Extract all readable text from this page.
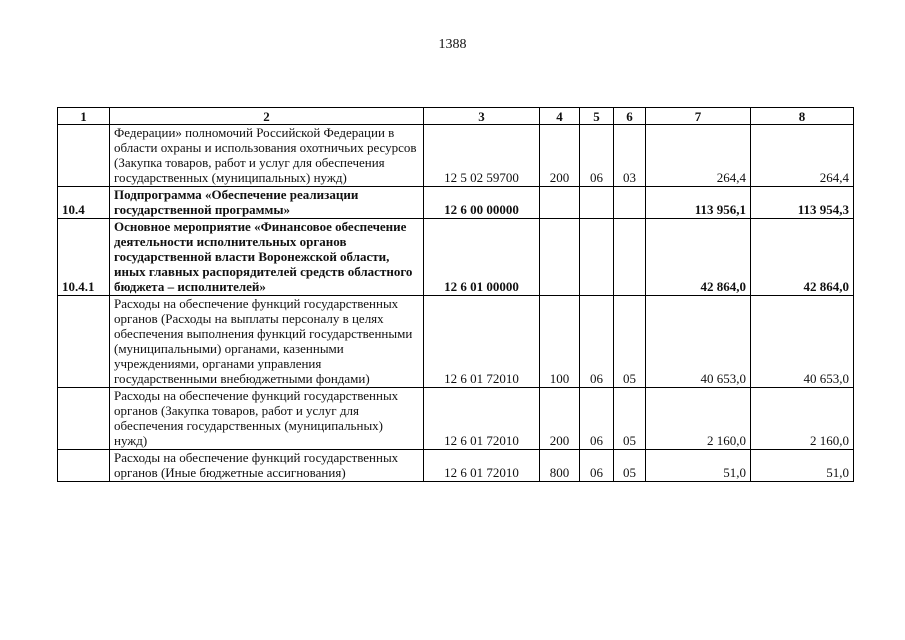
1388
1	2	3	4	5	6	7	8
	Федерации» полномочий Российской Федерации в области охраны и использования охотничьих ресурсов (Закупка товаров, работ и услуг для обеспечения государственных (муниципальных) нужд)	12 5 02 59700	200	06	03	264,4	264,4
10.4	Подпрограмма «Обеспечение реализации государственной программы»	12 6 00 00000				113 956,1	113 954,3
10.4.1	Основное мероприятие «Финансовое обеспечение деятельности исполнительных органов государственной власти Воронежской области, иных главных распорядителей средств областного бюджета – исполнителей»	12 6 01 00000				42 864,0	42 864,0
	Расходы на обеспечение функций государственных органов (Расходы на выплаты персоналу в целях обеспечения выполнения функций государственными (муниципальными) органами, казенными учреждениями, органами управления государственными внебюджетными фондами)	12 6 01 72010	100	06	05	40 653,0	40 653,0
	Расходы на обеспечение функций государственных органов (Закупка товаров, работ и услуг для обеспечения государственных (муниципальных) нужд)	12 6 01 72010	200	06	05	2 160,0	2 160,0
	Расходы на обеспечение функций государственных органов (Иные бюджетные ассигнования)	12 6 01 72010	800	06	05	51,0	51,0
